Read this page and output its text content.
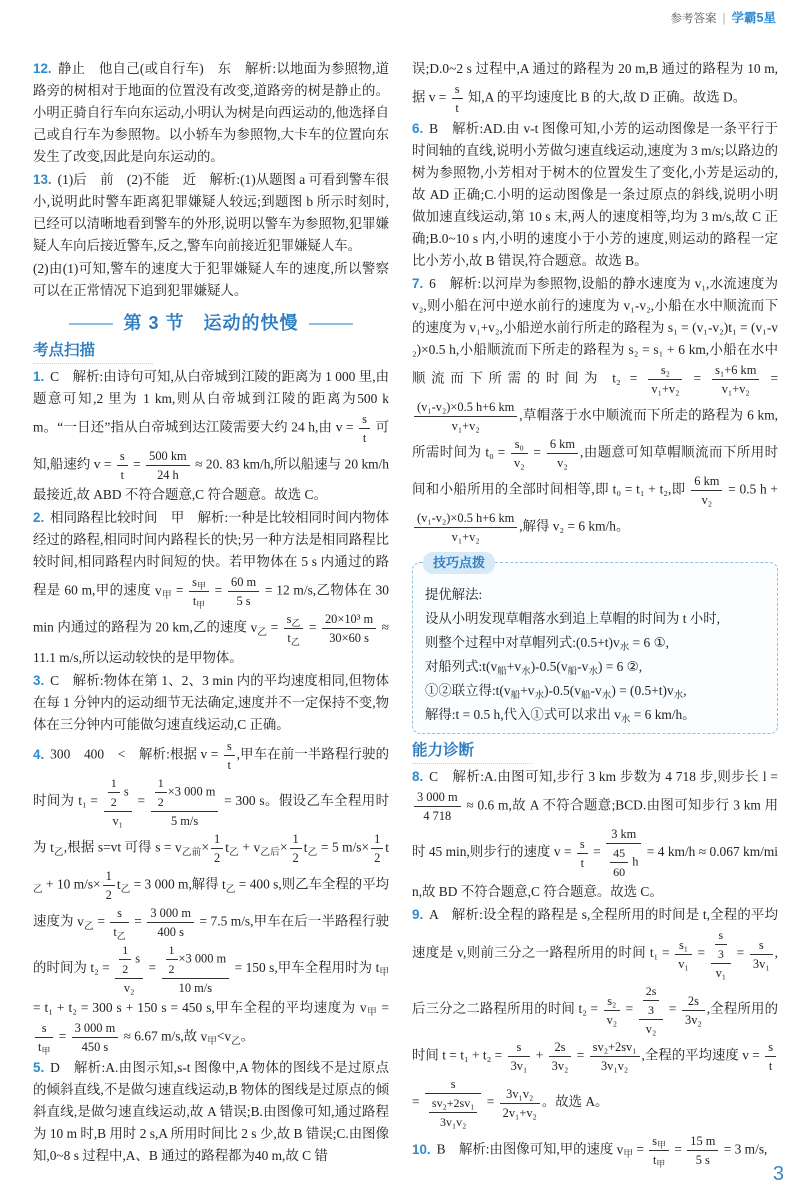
参考答案 | 学霸5星

12. 静止　他自己(或自行车)　东　解析:以地面为参照物,道路旁的树相对于地面的位置没有改变,道路旁的树是静止的。小明正骑自行车向东运动,小明认为树是向西运动的,他选择自己或自行车为参照物。以小轿车为参照物,大卡车的位置向东发生了改变,因此是向东运动的。

13. (1)后　前　(2)不能　近　解析:(1)从题图 a 可看到警车很小,说明此时警车距离犯罪嫌疑人较远;到题图 b 所示时刻时,已经可以清晰地看到警车的外形,说明以警车为参照物,犯罪嫌疑人车向后接近警车,反之,警车向前接近犯罪嫌疑人车。

(2)由(1)可知,警车的速度大于犯罪嫌疑人车的速度,所以警察可以在正常情况下追到犯罪嫌疑人。

第 3 节　运动的快慢
考点扫描

1. C　解析:由诗句可知,从白帝城到江陵的距离为 1 000 里,由题意可知,2 里为 1 km,则从白帝城到江陵的距离为500 km。“一日还”指从白帝城到达江陵需要大约 24 h,由 $v = \frac{s}{t}$ 可知,船速约 $v = \frac{s}{t} = \frac{500 km}{24 h} \approx 20$. 83 km/h,所以船速与 20 km/h 最接近,故 ABD 不符合题意,C 符合题意。故选 C。

2. 相同路程比较时间　甲　解析:一种是比较相同时间内物体经过的路程,相同时间内路程长的快;另一种方法是相同路程比较时间,相同路程内时间短的快。若甲物体在 5 s 内通过的路程是 60 m,甲的速度 $v_甲 = \frac{s_甲}{t_甲} = \frac{60 m}{5 s} = 12$ m/s,乙物体在 30 min 内通过的路程为 20 km,乙的速度 $v_乙 = \frac{s_乙}{t_乙} = \frac{\text{20×10³ m}}{30\times 60 s} \approx 11.1$ m/s,所以运动较快的是甲物体。

3. C　解析:物体在第 1、2、3 min 内的平均速度相同,但物体在每 1 分钟内的运动细节无法确定,速度并不一定保持不变,物体在三分钟内可能做匀速直线运动,C 正确。

4. 300　400　<　解析:根据 $v = \frac{s}{t}$ ,甲车在前一半路程行驶的时间为 $t_1 = \frac{\frac{1}{2} s}{\text{v₁}} = \frac{\frac{1}{2} \times 3 000 m}{5 m/s} = 300$ s。假设乙车全程用时为 $t_乙$,根据 s=vt 可得 $s = v_{乙前}\times \frac{1}{2} t_乙 + v_{乙后}\times \frac{1}{2} t_乙 = 5$ $m/s\times \frac{1}{2} t_乙 + 10$ $m/s\times \frac{1}{2} t_乙 = 3$ 000 m,解得 $t_乙 = 400$ s,则乙车全程的平均速度为 $v_乙 = \frac{s}{t_乙} = \frac{3 000 m}{400 s} = 7.5$ m/s,甲车在后一半路程行驶的时间为 $t_2 = \frac{\frac{1}{2} s}{\text{v₂}} = \frac{\frac{1}{2} \times 3 000 m}{10 m/s} = 150$ s,甲车全程用时为 $t_甲 = t_1 + t_2 = 300$ s + 150 s = 450 s,甲车全程的平均速度为 $v_甲$ =
$\frac{s}{t_甲} = \frac{3 000 m}{450 s} \approx 6.67$ m/s,故 $v_甲<v_乙$。

5. D　解析:A.由图示知,s-t 图像中,A 物体的图线不是过原点的倾斜直线,不是做匀速直线运动,B 物体的图线是过原点的倾斜直线,是做匀速直线运动,故 A 错误;B.由图像可知,通过路程为 10 m 时,B 用时 2 s,A 所用时间比 2 s 少,故 B 错误;C.由图像知,0~8 s 过程中,A、B 通过的路程都为40 m,故 C 错

误;D.0~2 s 过程中,A 通过的路程为 20 m,B 通过的路程为 10 m,据 $v = \frac{s}{t}$ 知,A 的平均速度比 B 的大,故 D 正确。故选 D。

6. B　解析:AD.由 v-t 图像可知,小芳的运动图像是一条平行于时间轴的直线,说明小芳做匀速直线运动,速度为 3 m/s;以路边的树为参照物,小芳相对于树木的位置发生了变化,小芳是运动的,故 AD 正确;C.小明的运动图像是一条过原点的斜线,说明小明做加速直线运动,第 10 s 末,两人的速度相等,均为 3 m/s,故 C 正确;B.0~10 s 内,小明的速度小于小芳的速度,则运动的路程一定比小芳小,故 B 错误,符合题意。故选 B。

7. 6　解析:以河岸为参照物,设船的静水速度为 v₁,水流速度为 v₂,则小船在河中逆水前行的速度为 v₁-v₂,小船在水中顺流而下的速度为 v₁+v₂,小船逆水前行所走的路程为 s₁ = (v₁-v₂)t₁ = (v₁-v₂)×0.5 h,小船顺流而下所走的路程为 s₂ = s₁ + 6 km,小船在水中顺流而下所需的时间为 $t_2 = \frac{\text{s₂}}{\text{v₁+v₂}} = \frac{\text{s₁+6 km}}{\text{v₁+v₂}}$ =
$\frac{\text{(v₁-v₂)×0.5 h+6 km}}{\text{v₁+v₂}}$ ,草帽落于水中顺流而下所走的路程为 6 km,所需时间为 $t_0 = \frac{\text{s₀}}{\text{v₂}} = \frac{6 km}{\text{v₂}}$ ,由题意可知草帽顺流而下所用时间和小船所用的全部时间相等,即 t₀ = t₁ + t₂,即 $\frac{6 km}{\text{v₂}} = 0.5$ h +
$\frac{\text{(v₁-v₂)×0.5 h+6 km}}{\text{v₁+v₂}}$ ,解得 v₂ = 6 km/h。

技巧点拨
提优解法:
设从小明发现草帽落水到追上草帽的时间为 t 小时,
则整个过程中对草帽列式$:(0.5+t)v_水 = 6$ ①,
对船列式$:t(v_船+v_水)-0.5(v_船-v_水) = 6$ ②,
①②联立得$:t(v_船+v_水)-0.5(v_船-v_水) = (0.5+t)v_水$,
解得:t = 0.5 h,代入①式可以求出 $v_水 = 6$ km/h。
能力诊断

8. C　解析:A.由图可知,步行 3 km 步数为 4 718 步,则步长 l =
$\frac{3 000 m}{4 718} \approx 0.6$ m,故 A 不符合题意;BCD.由图可知步行 3 km 用时 45 min,则步行的速度 $v = \frac{s}{t} = \frac{3 km}{\frac{45}{60} h} = 4$ km/h ≈ 0.067 km/min,故 BD 不符合题意,C 符合题意。故选 C。

9. A　解析:设全程的路程是 s,全程所用的时间是 t,全程的平均速度是 v,则前三分之一路程所用的时间 $t_1 = \frac{\text{s₁}}{\text{v₁}} = \frac{\frac{s}{3}}{\text{v₁}} = \frac{s}{\text{3v₁}}$ ,后三分之二路程所用的时间 $t_2 = \frac{\text{s₂}}{\text{v₂}} = \frac{\frac{2s}{3}}{\text{v₂}} = \frac{2s}{\text{3v₂}}$ ,全程所用的时间 $t = t_1 + t_2 = \frac{s}{\text{3v₁}} + \frac{2s}{\text{3v₂}} = \frac{\text{sv₂+2sv₁}}{\text{3v₁v₂}}$ ,全程的平均速度 $v = \frac{s}{t}$
= $\frac{s}{\frac{\text{sv₂+2sv₁}}{\text{3v₁v₂}}} = \frac{\text{3v₁v₂}}{\text{2v₁+v₂}}$ 。故选 A。

10. B　解析:由图像可知,甲的速度 $v_甲 = \frac{s_甲}{t_甲} = \frac{15 m}{5 s} = 3$ m/s,

3
